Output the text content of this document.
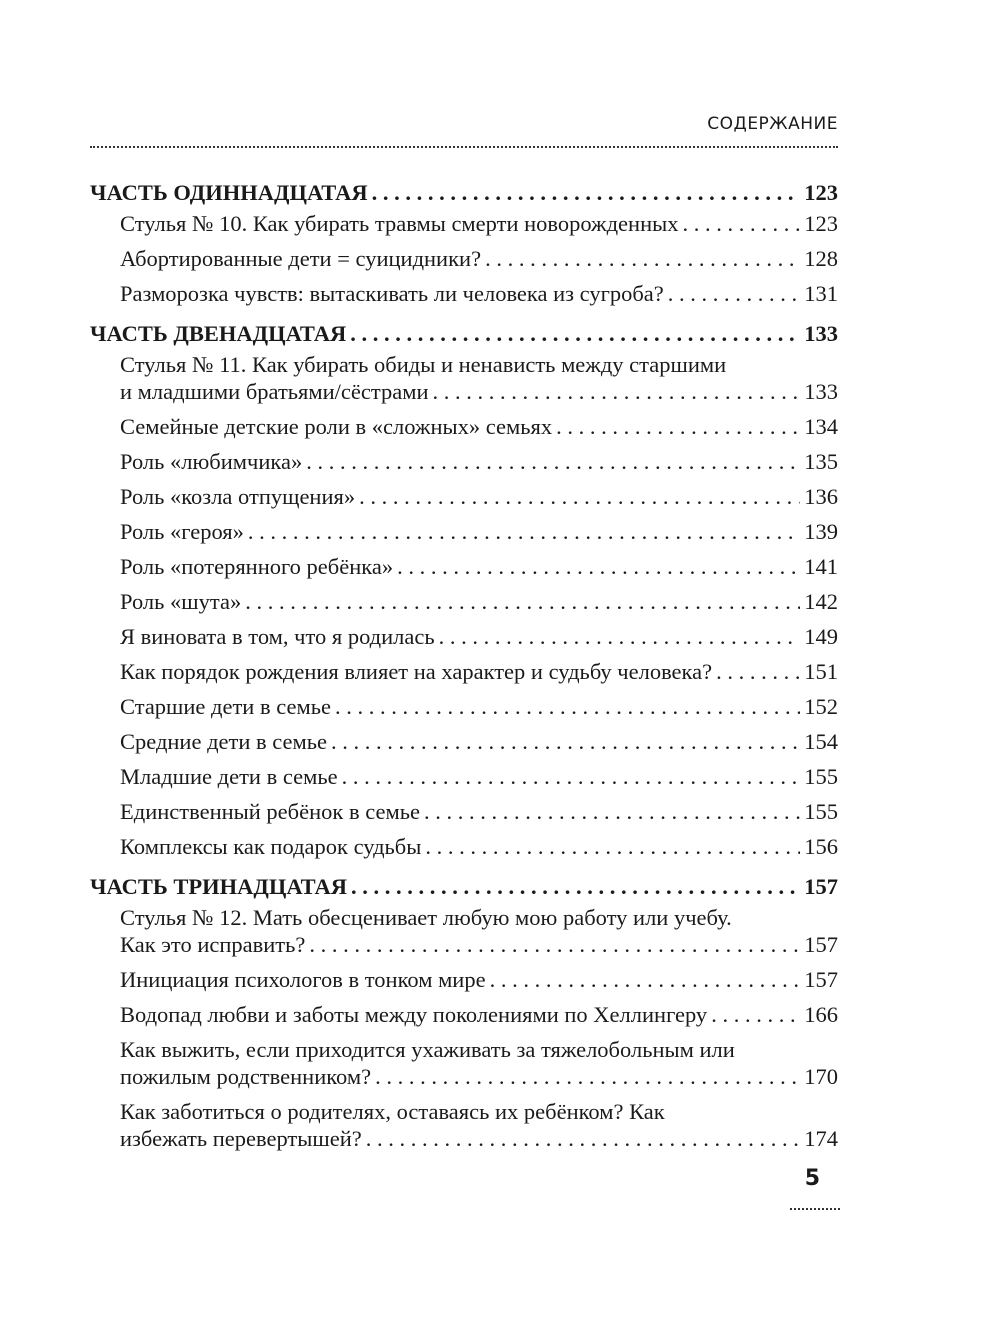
СОДЕРЖАНИЕ
ЧАСТЬ ОДИННАДЦАТАЯ . . .	123
Стулья № 10. Как убирать травмы смерти новорожденных . . .	123
Абортированные дети = суицидники? . . .	128
Разморозка чувств: вытаскивать ли человека из сугроба? . . .	131
ЧАСТЬ ДВЕНАДЦАТАЯ . . .	133
Стулья № 11. Как убирать обиды и ненависть между старшими
и младшими братьями/сёстрами . . .	133
Семейные детские роли в «сложных» семьях . . .	134
Роль «любимчика» . . .	135
Роль «козла отпущения» . . .	136
Роль «героя» . . .	139
Роль «потерянного ребёнка» . . .	141
Роль «шута» . . .	142
Я виновата в том, что я родилась . . .	149
Как порядок рождения влияет на характер и судьбу человека? . . .	151
Старшие дети в семье . . .	152
Средние дети в семье . . .	154
Младшие дети в семье . . .	155
Единственный ребёнок в семье . . .	155
Комплексы как подарок судьбы . . .	156
ЧАСТЬ ТРИНАДЦАТАЯ . . .	157
Стулья № 12. Мать обесценивает любую мою работу или учебу.
Как это исправить? . . .	157
Инициация психологов в тонком мире . . .	157
Водопад любви и заботы между поколениями по Хеллингеру . . .	166
Как выжить, если приходится ухаживать за тяжелобольным или
пожилым родственником? . . .	170
Как заботиться о родителях, оставаясь их ребёнком? Как
избежать перевертышей? . . .	174
5
